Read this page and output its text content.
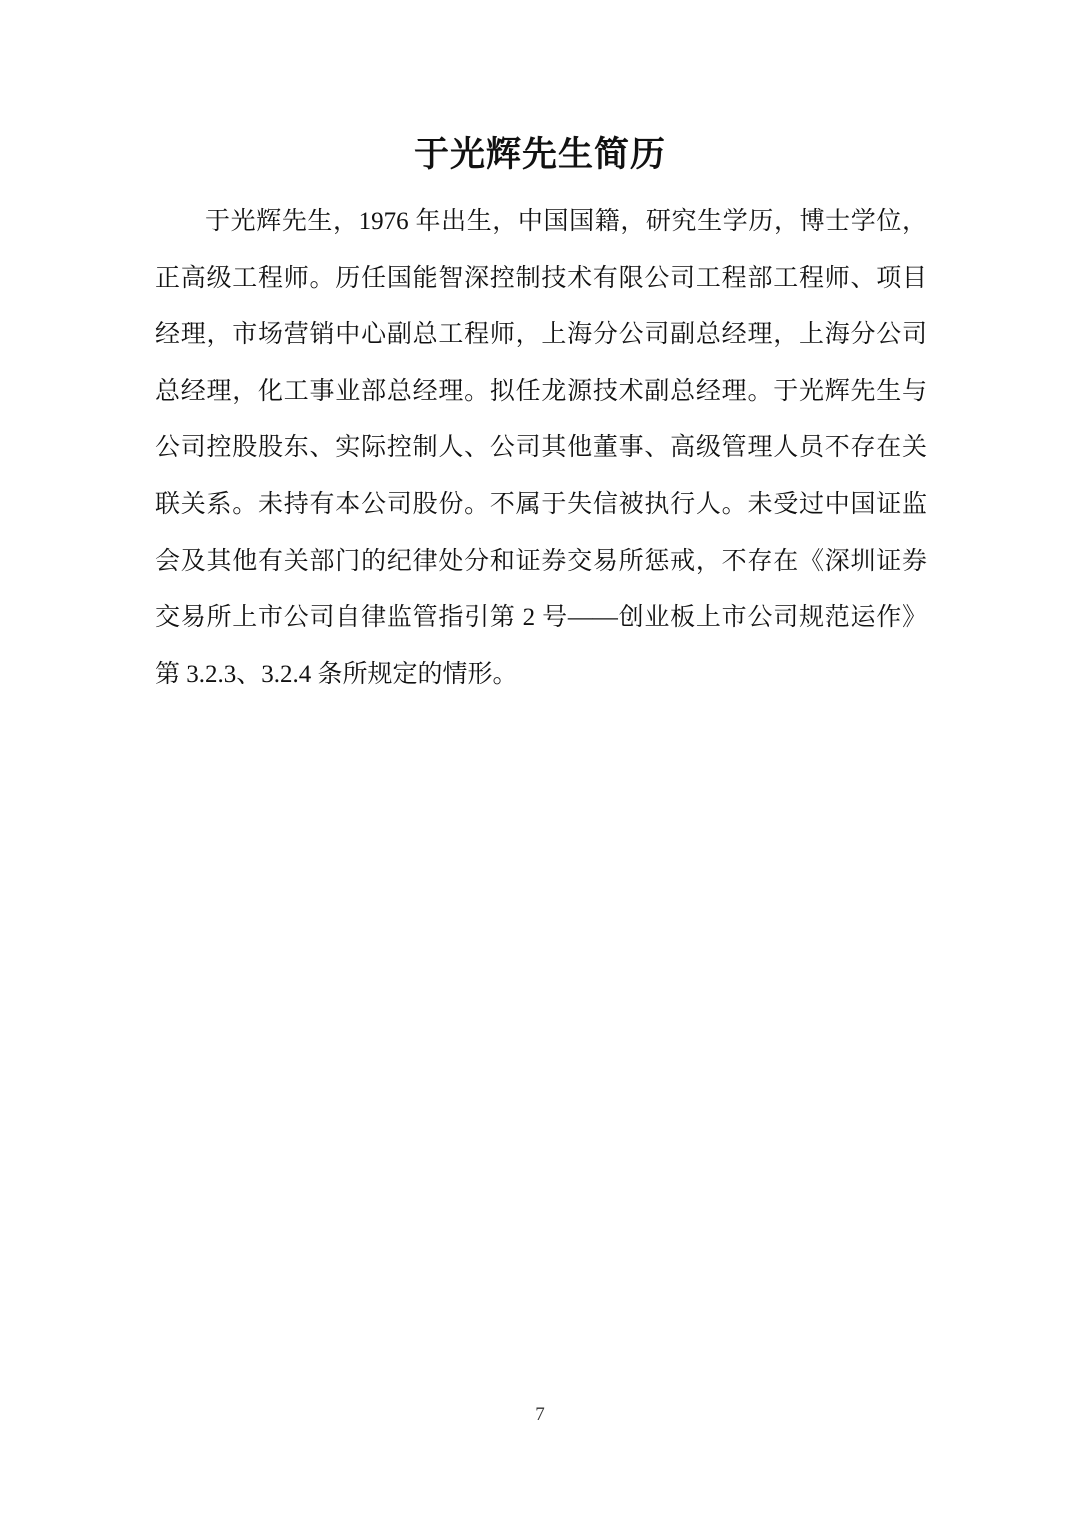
于光辉先生简历

于光辉先生，1976 年出生，中国国籍，研究生学历，博士学位，

正高级工程师。历任国能智深控制技术有限公司工程部工程师、项目

经理，市场营销中心副总工程师，上海分公司副总经理，上海分公司

总经理，化工事业部总经理。拟任龙源技术副总经理。于光辉先生与

公司控股股东、实际控制人、公司其他董事、高级管理人员不存在关

联关系。未持有本公司股份。不属于失信被执行人。未受过中国证监

会及其他有关部门的纪律处分和证券交易所惩戒，不存在《深圳证券

交易所上市公司自律监管指引第 2 号——创业板上市公司规范运作》

第 3.2.3、3.2.4 条所规定的情形。

7
